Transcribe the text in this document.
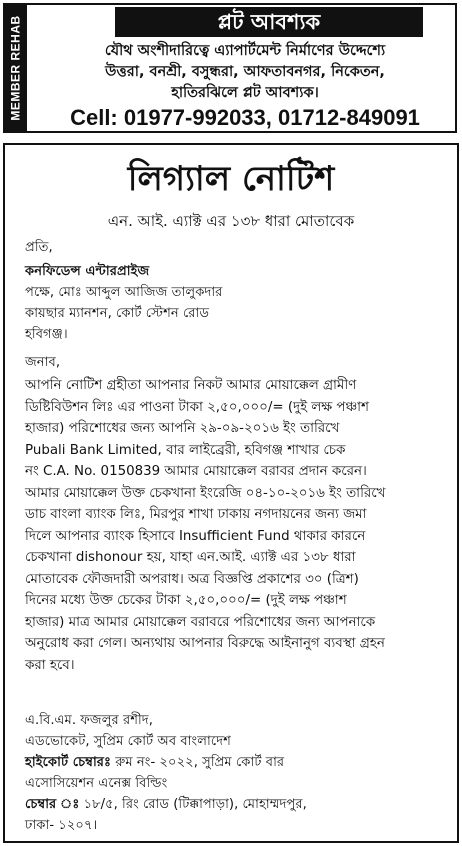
MEMBER REHAB	প্লট আবশ্যক
যৌথ অংশীদারিত্বে এ্যাপার্টমেন্ট নির্মাণের উদ্দেশ্যে
উত্তরা, বনশ্রী, বসুন্ধরা, আফতাবনগর, নিকেতন,
হাতিরঝিলে প্লট আবশ্যক।
Cell: 01977-992033, 01712-849091
লিগ্যাল নোটিশ
এন. আই. এ্যাক্ট এর ১৩৮ ধারা মোতাবেক
প্রতি,
কনফিডেন্স এন্টারপ্রাইজ
পক্ষে, মোঃ আব্দুল আজিজ তালুকদার
কায়ছার ম্যানশন, কোর্ট স্টেশন রোড
হবিগঞ্জ।
জনাব,
আপনি নোটিশ গ্রহীতা আপনার নিকট আমার মোয়াক্কেল গ্রামীণ
ডিষ্টিবিউশন লিঃ এর পাওনা টাকা ২,৫০,০০০/= (দুই লক্ষ পঞ্চাশ
হাজার) পরিশোধের জন্য আপনি ২৯-০৯-২০১৬ ইং তারিখে
Pubali Bank Limited, বার লাইব্রেরী, হবিগঞ্জ শাখার চেক
নং C.A. No. 0150839 আমার মোয়াক্কেল বরাবর প্রদান করেন।
আমার মোয়াক্কেল উক্ত চেকখানা ইংরেজি ০৪-১০-২০১৬ ইং তারিখে
ডাচ বাংলা ব্যাংক লিঃ, মিরপুর শাখা ঢাকায় নগদায়নের জন্য জমা
দিলে আপনার ব্যাংক হিসাবে Insufficient Fund থাকার কারনে
চেকখানা dishonour হয়, যাহা এন.আই. এ্যাক্ট এর ১৩৮ ধারা
মোতাবেক ফৌজদারী অপরাধ। অত্র বিজ্ঞপ্তি প্রকাশের ৩০ (ত্রিশ)
দিনের মধ্যে উক্ত চেকের টাকা ২,৫০,০০০/= (দুই লক্ষ পঞ্চাশ
হাজার) মাত্র আমার মোয়াক্কেল বরাবরে পরিশোধের জন্য আপনাকে
অনুরোধ করা গেল। অন্যথায় আপনার বিরুদ্ধে আইনানুগ ব্যবস্থা গ্রহন
করা হবে।
এ.বি.এম. ফজলুর রশীদ,
এডভোকেট, সুপ্রিম কোর্ট অব বাংলাদেশ
হাইকোর্ট চেম্বারঃ রুম নং- ২০২২, সুপ্রিম কোর্ট বার
এসোসিয়েশন এনেক্স বিল্ডিং
চেম্বার ঃ ১৮/৫, রিং রোড (টিক্কাপাড়া), মোহাম্মদপুর,
ঢাকা- ১২০৭।
